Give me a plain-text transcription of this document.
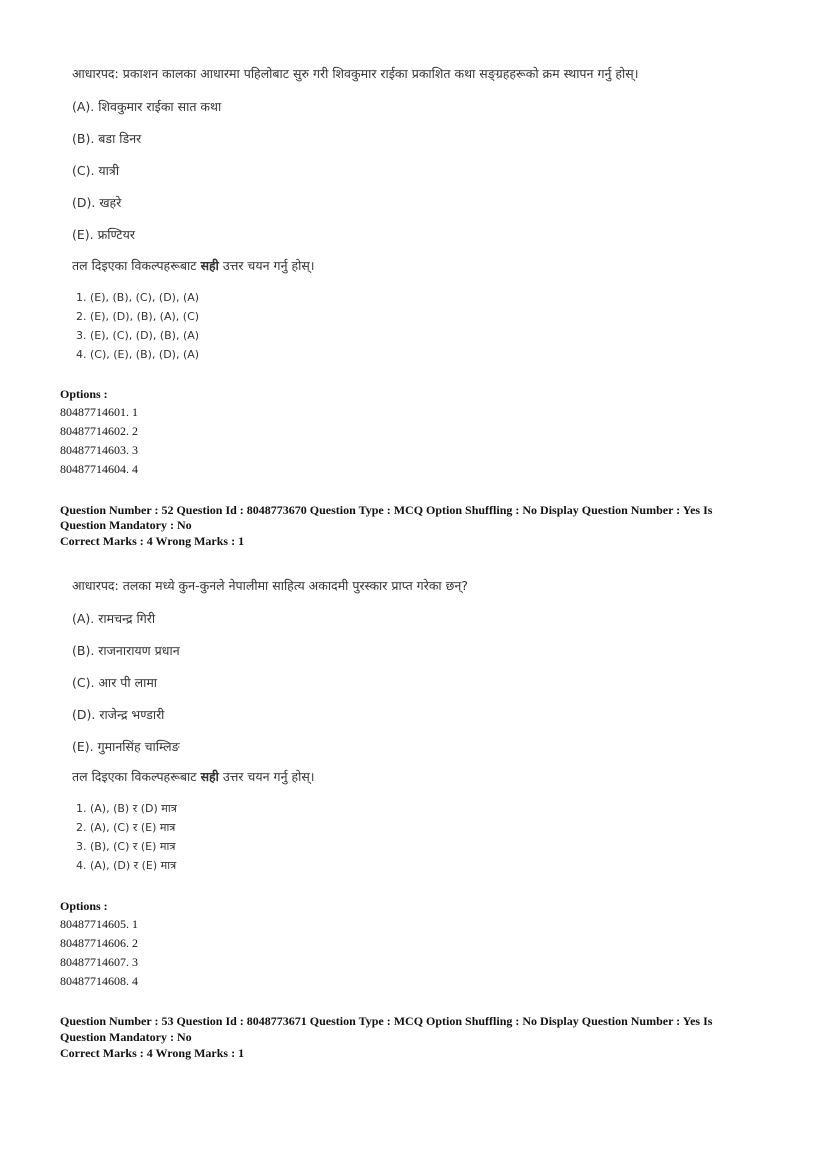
आधारपद: प्रकाशन कालका आधारमा पहिलोबाट सुरु गरी शिवकुमार राईका प्रकाशित कथा सङ्ग्रहहरूको क्रम स्थापन गर्नु होस्।
(A). शिवकुमार राईका सात कथा
(B). बडा डिनर
(C). यात्री
(D). खहरे
(E). फ्रण्टियर
तल दिइएका विकल्पहरूबाट सही उत्तर चयन गर्नु होस्।
1. (E), (B), (C), (D), (A)
2. (E), (D), (B), (A), (C)
3. (E), (C), (D), (B), (A)
4. (C), (E), (B), (D), (A)
Options :
80487714601. 1
80487714602. 2
80487714603. 3
80487714604. 4
Question Number : 52 Question Id : 8048773670 Question Type : MCQ Option Shuffling : No Display Question Number : Yes Is
Question Mandatory : No
Correct Marks : 4 Wrong Marks : 1
आधारपद: तलका मध्ये कुन-कुनले नेपालीमा साहित्य अकादमी पुरस्कार प्राप्त गरेका छन्?
(A). रामचन्द्र गिरी
(B). राजनारायण प्रधान
(C). आर पी लामा
(D). राजेन्द्र भण्डारी
(E). गुमानसिंह चाम्लिङ
तल दिइएका विकल्पहरूबाट सही उत्तर चयन गर्नु होस्।
1. (A), (B) र (D) मात्र
2. (A), (C) र (E) मात्र
3. (B), (C) र (E) मात्र
4. (A), (D) र (E) मात्र
Options :
80487714605. 1
80487714606. 2
80487714607. 3
80487714608. 4
Question Number : 53 Question Id : 8048773671 Question Type : MCQ Option Shuffling : No Display Question Number : Yes Is
Question Mandatory : No
Correct Marks : 4 Wrong Marks : 1
